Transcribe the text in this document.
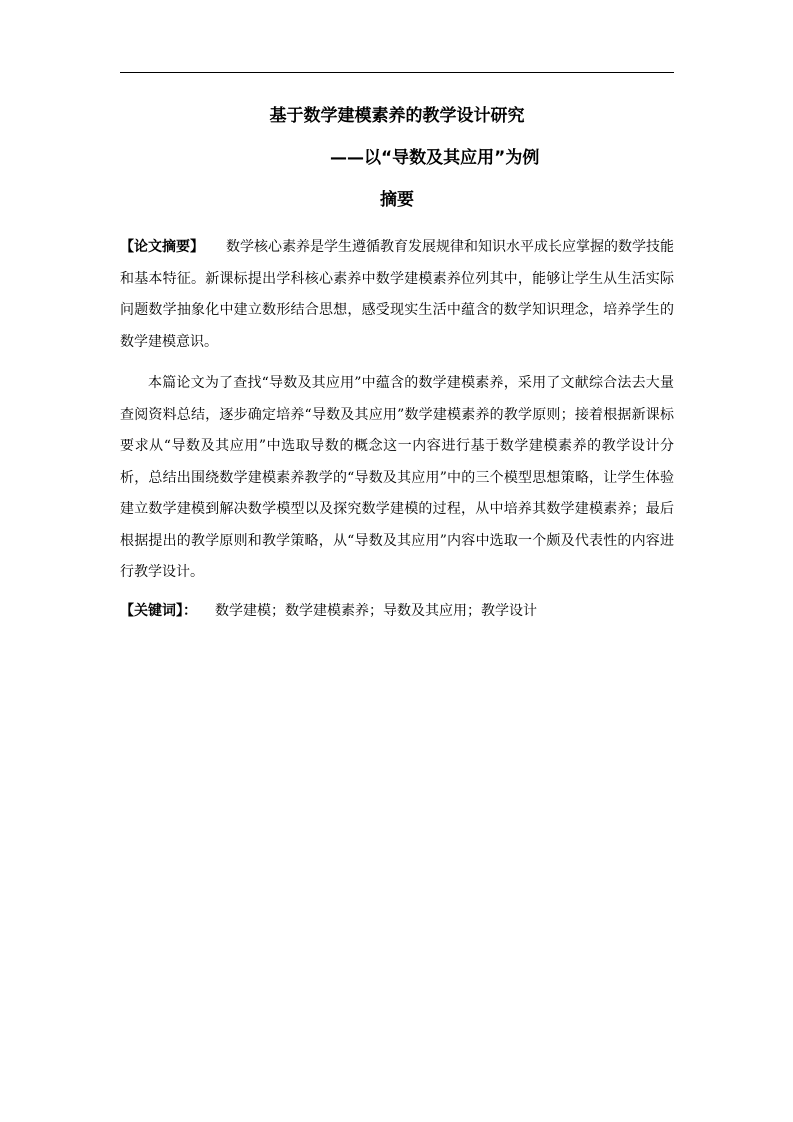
基于数学建模素养的教学设计研究
——以“导数及其应用”为例
摘要
【论文摘要】 数学核心素养是学生遵循教育发展规律和知识水平成长应掌握的数学技能和基本特征。新课标提出学科核心素养中数学建模素养位列其中，能够让学生从生活实际问题数学抽象化中建立数形结合思想，感受现实生活中蕴含的数学知识理念，培养学生的数学建模意识。
本篇论文为了查找“导数及其应用”中蕴含的数学建模素养，采用了文献综合法去大量查阅资料总结，逐步确定培养“导数及其应用”数学建模素养的教学原则；接着根据新课标要求从“导数及其应用”中选取导数的概念这一内容进行基于数学建模素养的教学设计分析，总结出围绕数学建模素养教学的“导数及其应用”中的三个模型思想策略，让学生体验建立数学建模到解决数学模型以及探究数学建模的过程，从中培养其数学建模素养；最后根据提出的教学原则和教学策略，从“导数及其应用”内容中选取一个颇及代表性的内容进行教学设计。
【关键词】： 数学建模；数学建模素养；导数及其应用；教学设计
